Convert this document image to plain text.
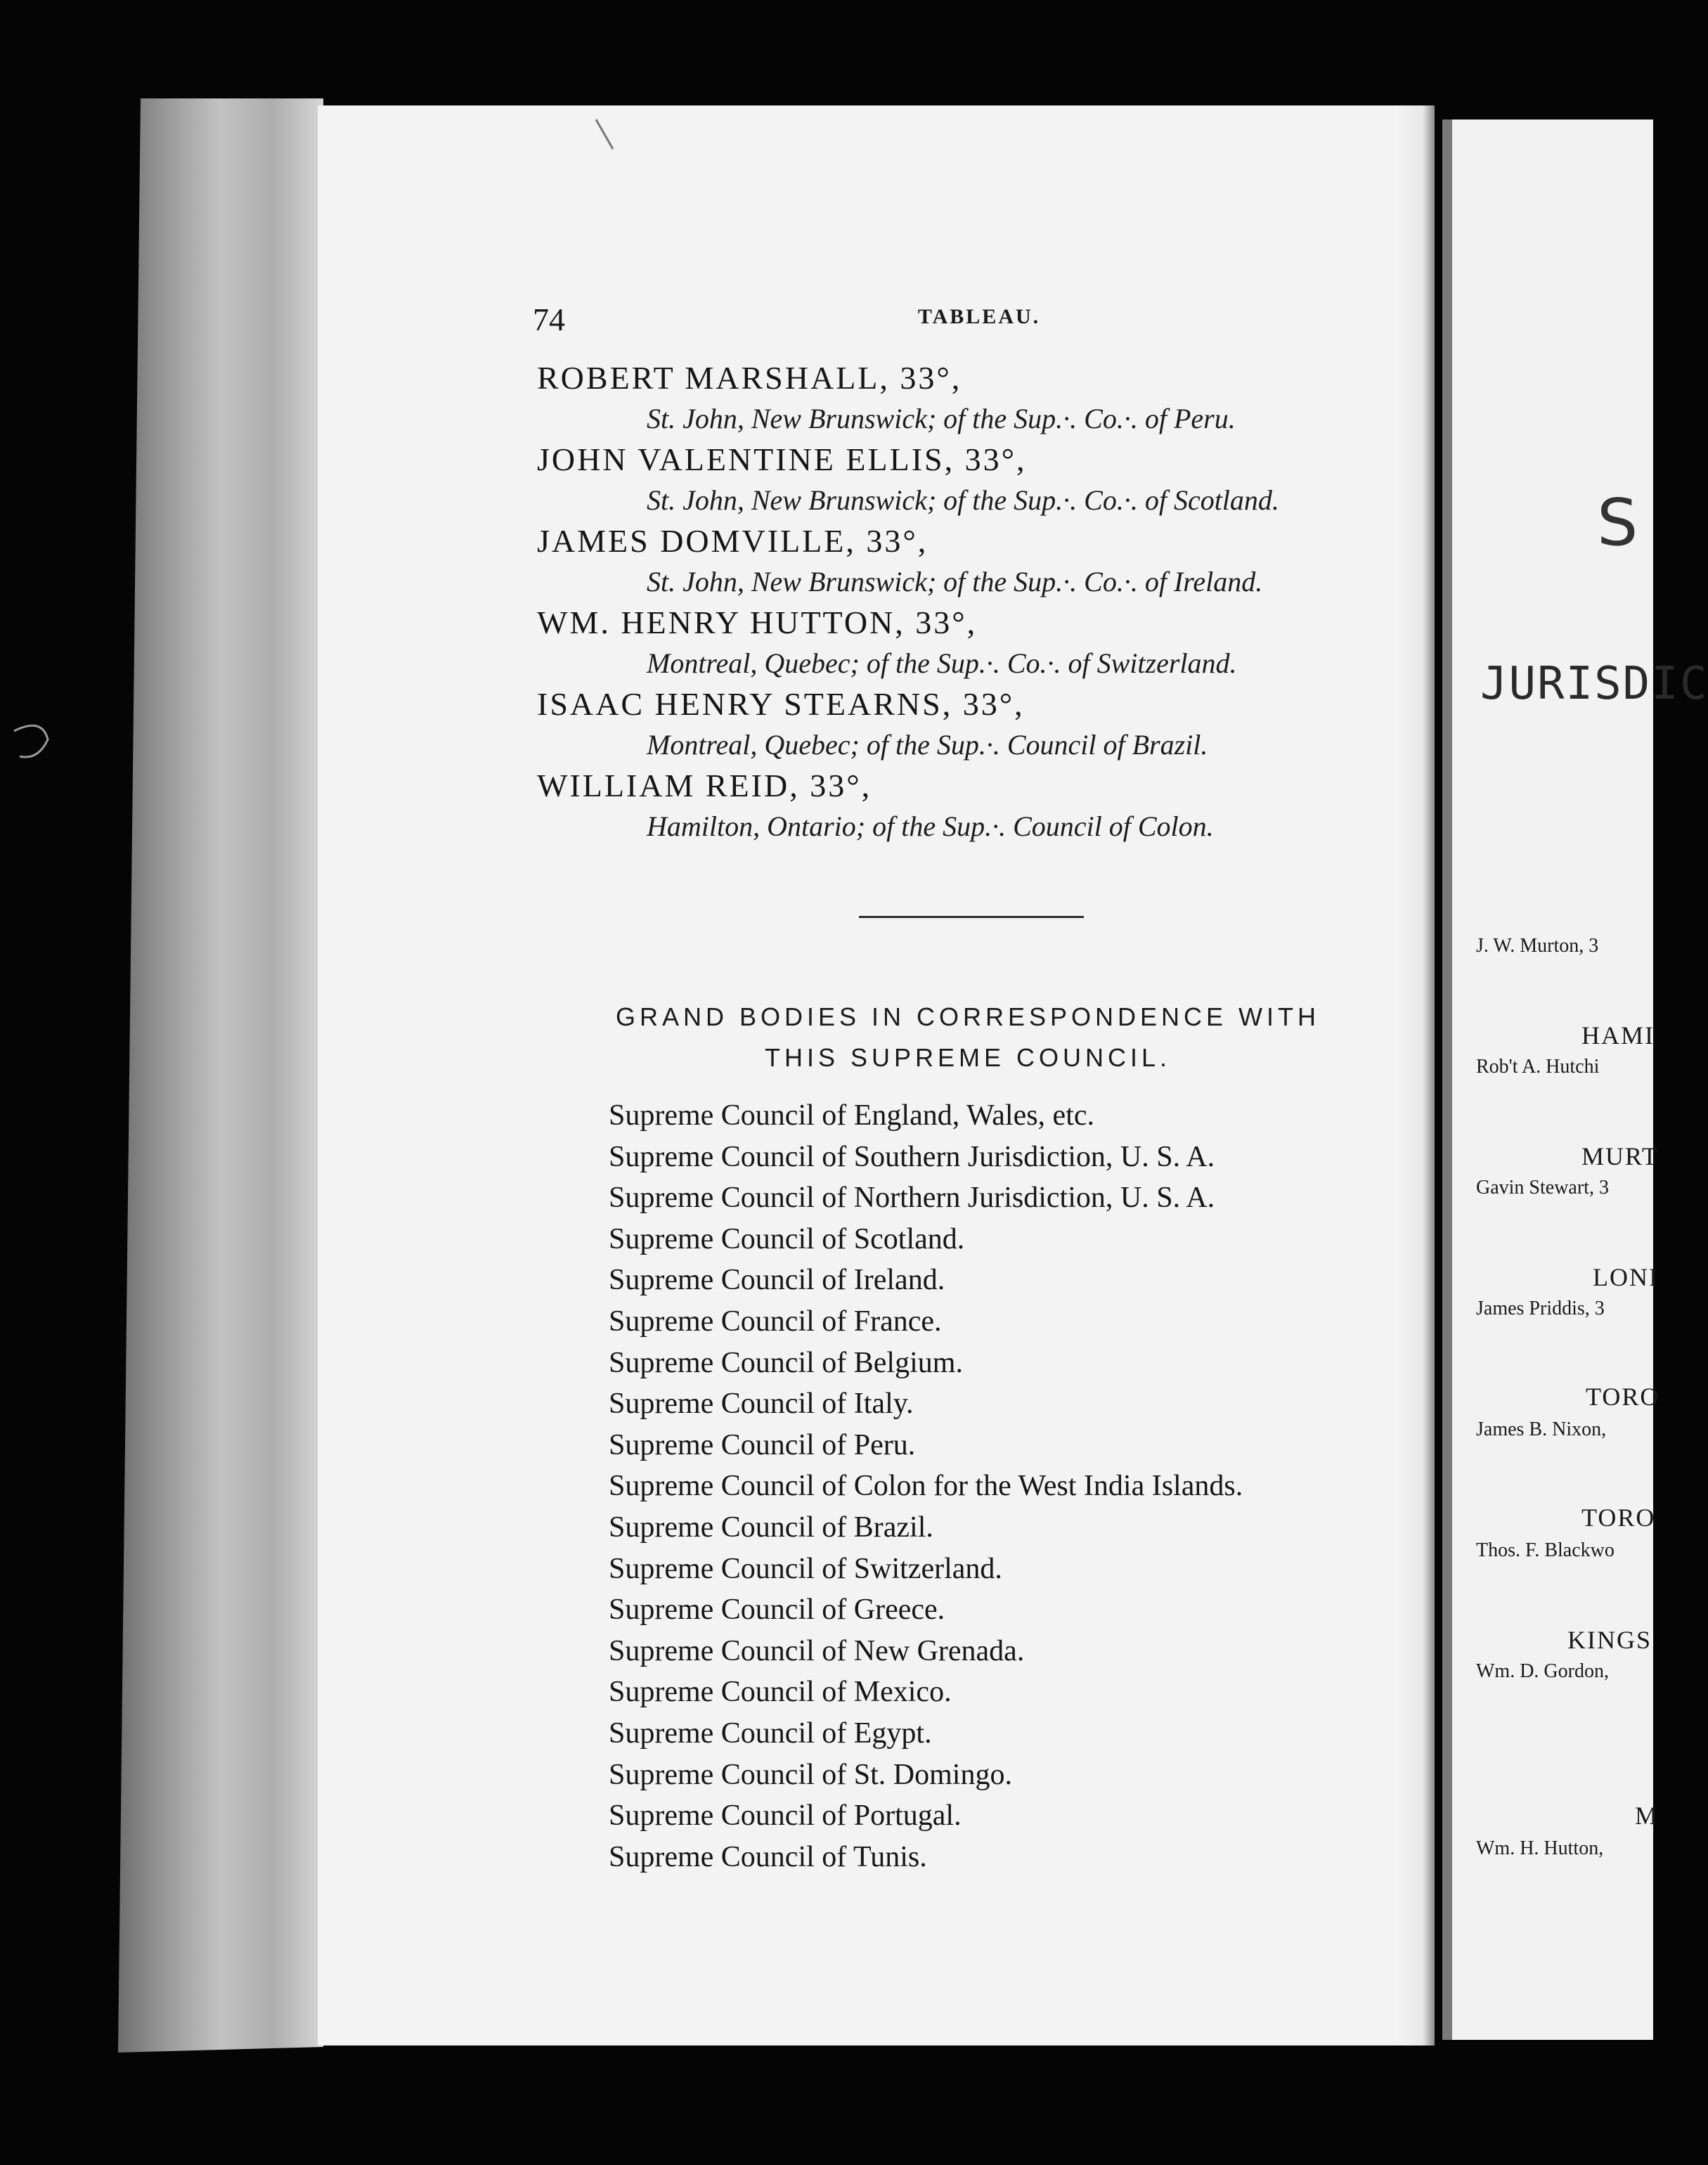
74	TABLEAU.
ROBERT MARSHALL, 33°,
St. John, New Brunswick; of the Sup.·. Co.·. of Peru.
JOHN VALENTINE ELLIS, 33°,
St. John, New Brunswick; of the Sup.·. Co.·. of Scotland.
JAMES DOMVILLE, 33°,
St. John, New Brunswick; of the Sup.·. Co.·. of Ireland.
WM. HENRY HUTTON, 33°,
Montreal, Quebec; of the Sup.·. Co.·. of Switzerland.
ISAAC HENRY STEARNS, 33°,
Montreal, Quebec; of the Sup.·. Council of Brazil.
WILLIAM REID, 33°,
Hamilton, Ontario; of the Sup.·. Council of Colon.
GRAND BODIES IN CORRESPONDENCE WITH
THIS SUPREME COUNCIL.
Supreme Council of England, Wales, etc.
Supreme Council of Southern Jurisdiction, U. S. A.
Supreme Council of Northern Jurisdiction, U. S. A.
Supreme Council of Scotland.
Supreme Council of Ireland.
Supreme Council of France.
Supreme Council of Belgium.
Supreme Council of Italy.
Supreme Council of Peru.
Supreme Council of Colon for the West India Islands.
Supreme Council of Brazil.
Supreme Council of Switzerland.
Supreme Council of Greece.
Supreme Council of New Grenada.
Supreme Council of Mexico.
Supreme Council of Egypt.
Supreme Council of St. Domingo.
Supreme Council of Portugal.
Supreme Council of Tunis.
S
JURISDIC
J. W. Murton, 3
HAMI
Rob't A. Hutchi
MURT
Gavin Stewart, 3
LONI
James Priddis, 3
TORO
James B. Nixon,
TORO
Thos. F. Blackwo
KINGS
Wm. D. Gordon,
M
Wm. H. Hutton,
